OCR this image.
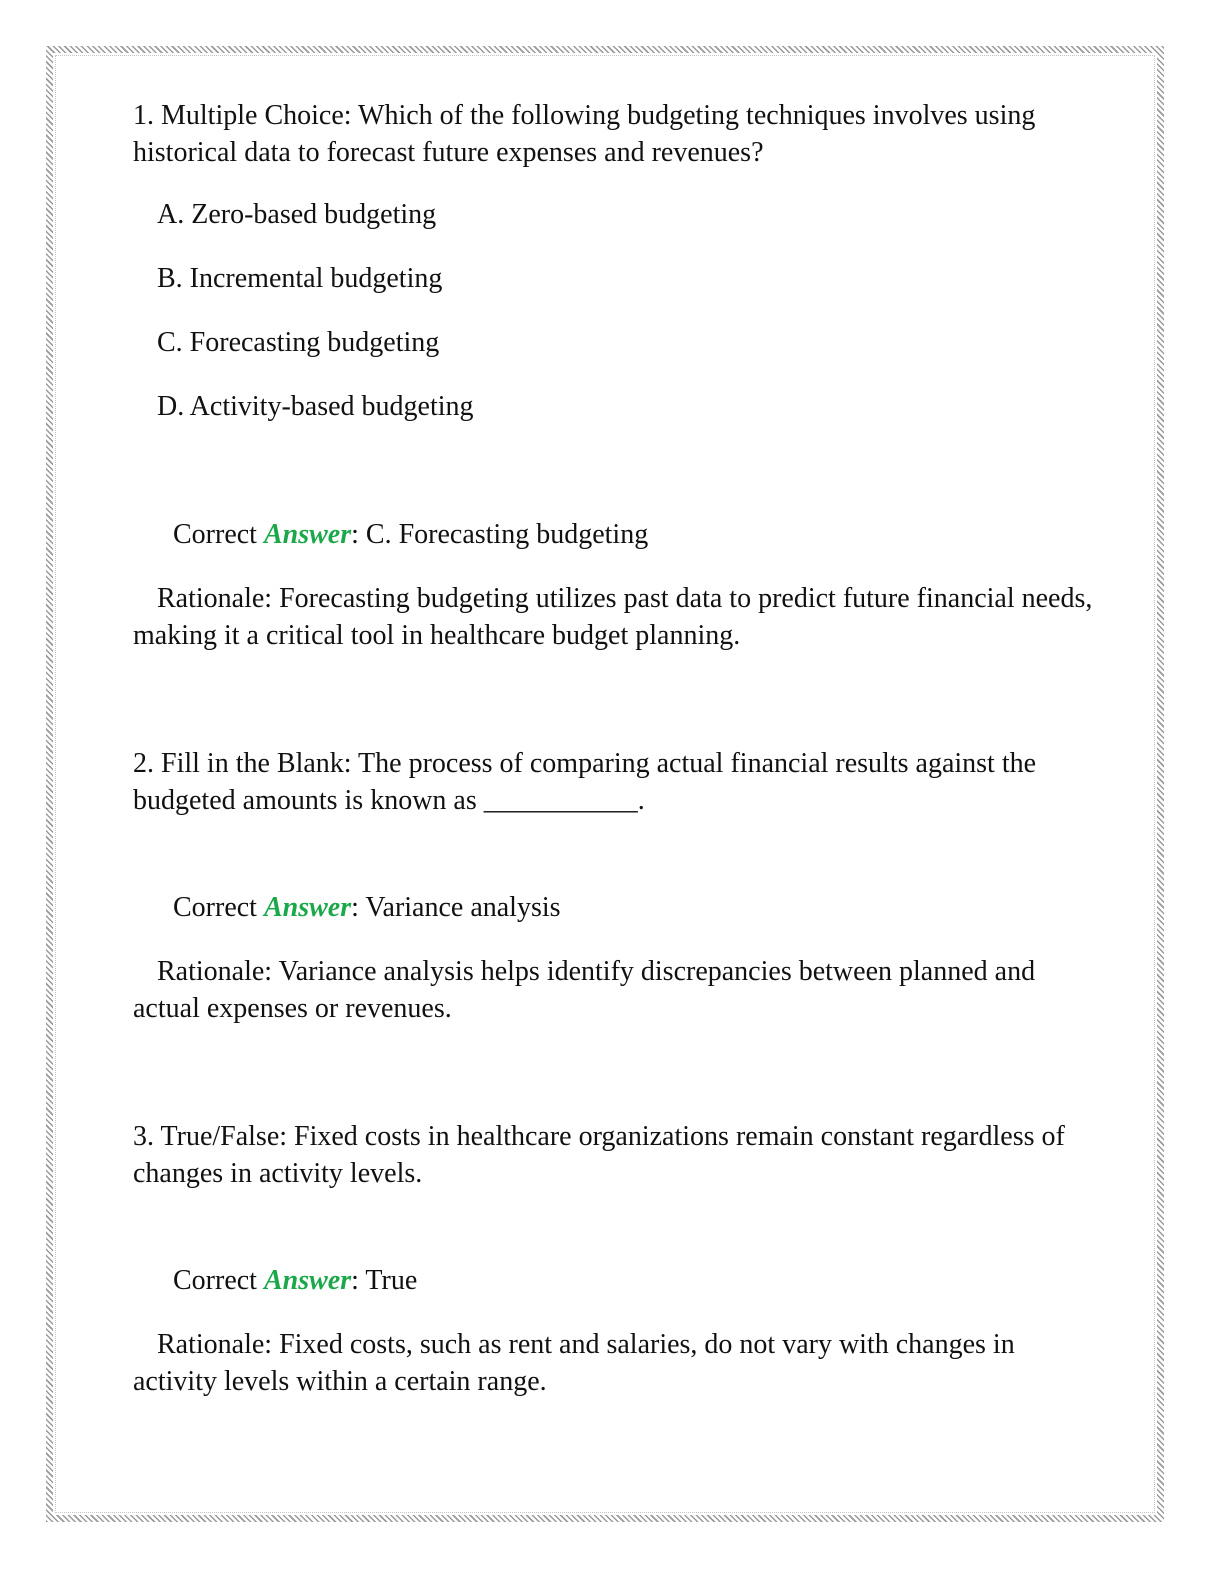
1. Multiple Choice: Which of the following budgeting techniques involves using historical data to forecast future expenses and revenues?

A. Zero-based budgeting

B. Incremental budgeting

C. Forecasting budgeting

D. Activity-based budgeting

Correct Answer: C. Forecasting budgeting

Rationale: Forecasting budgeting utilizes past data to predict future financial needs, making it a critical tool in healthcare budget planning.

2. Fill in the Blank: The process of comparing actual financial results against the budgeted amounts is known as ___________.

Correct Answer: Variance analysis

Rationale: Variance analysis helps identify discrepancies between planned and actual expenses or revenues.

3. True/False: Fixed costs in healthcare organizations remain constant regardless of changes in activity levels.

Correct Answer: True

Rationale: Fixed costs, such as rent and salaries, do not vary with changes in activity levels within a certain range.
